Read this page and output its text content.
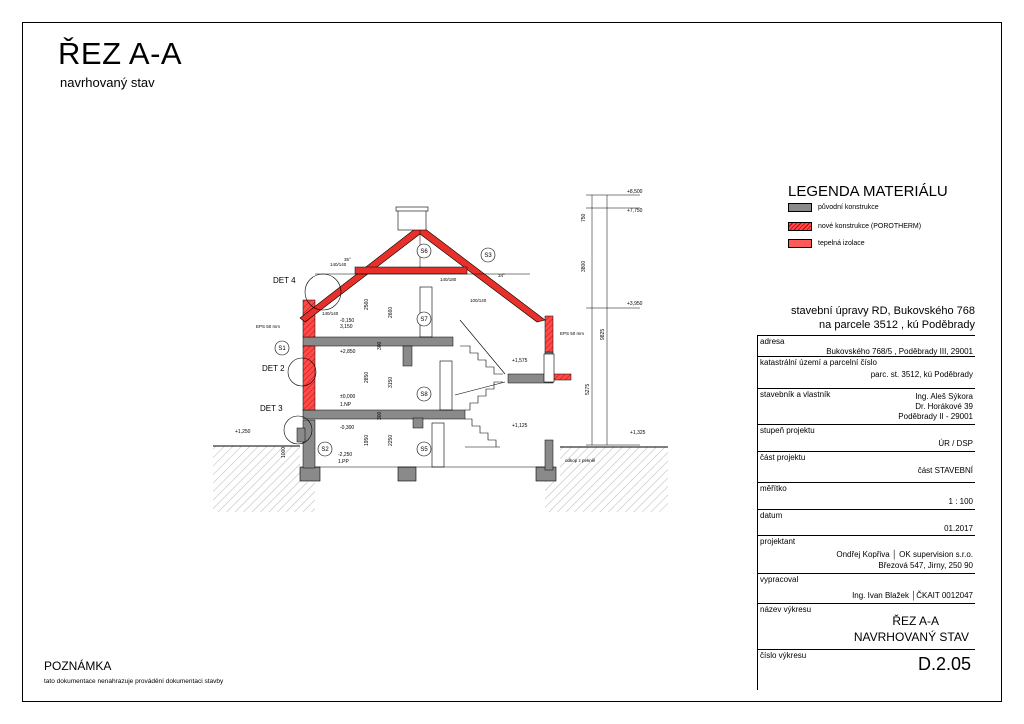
ŘEZ A-A
navrhovaný stav
LEGENDA MATERIÁLU
původní konstrukce
nové konstrukce (POROTHERM)
tepelná izolace
stavební úpravy RD, Bukovského 768
na parcele 3512 , kú Poděbrady
adresa
Bukovského 768/5 , Poděbrady III, 29001
katastrální území a parcelní číslo
parc. st. 3512, kú Poděbrady
stavebník a vlastník	Ing. Aleš Sýkora
Dr. Horákové 39
Poděbrady II - 29001
stupeň projektu
ÚR / DSP
část projektu
část STAVEBNÍ
měřítko
1 : 100
datum
01.2017
projektant
Ondřej Kopřiva │ OK supervision s.r.o.
Březová 547, Jirny, 250 90
vypracoval
Ing. Ivan Blažek │ČKAIT 0012047
název výkresu
ŘEZ A-A
NAVRHOVANÝ STAV
číslo výkresu	D.2.05
POZNÁMKA
tato dokumentace nenahrazuje provádění dokumentaci stavby
DET 4
DET 2
DET 3
S1
S2
S3
S5
S6
S7
S8
+8,500
+7,750
+3,950
+2,850
+1,575
±0,000
1.NP
-0,300
-2,250
1.PP
+1,250
+1,125
+1,325
-0,150
3,150
750
3800
9825
5275
2560
2660
2850	3150
1950	2250
300
300
1000
EPS 50 mm
EPS 50 mm
140/140
140/180
100/140
140/140
35°
34°
odkop z pekněl
